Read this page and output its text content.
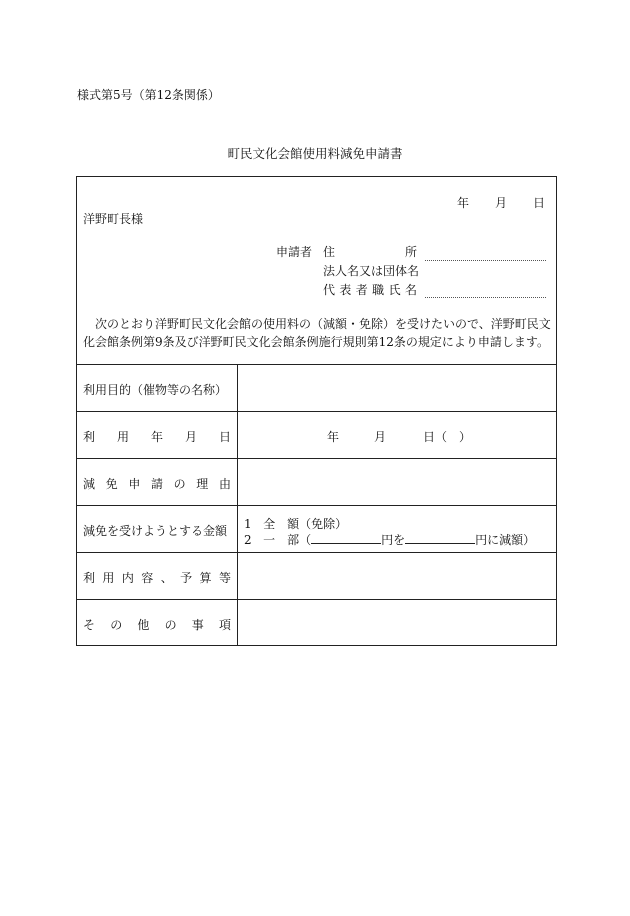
様式第5号（第12条関係）
町民文化会館使用料減免申請書
年 月 日
洋野町長様
申請者 住	所
法人名又は団体名
代 表 者 職 氏 名
次のとおり洋野町民文化会館の使用料の（減額・免除）を受けたいので、洋野町民文化会館条例第9条及び洋野町民文化会館条例施行規則第12条の規定により申請します。
利用目的（催物等の名称）
利 用 年 月 日	年	月	日（　）
減 免 申 請 の 理 由
減免を受けようとする金額	1 全　額（免除）
2 一　部（	円を	円に減額）
利 用 内 容 、 予 算 等
そ の 他 の 事 項
